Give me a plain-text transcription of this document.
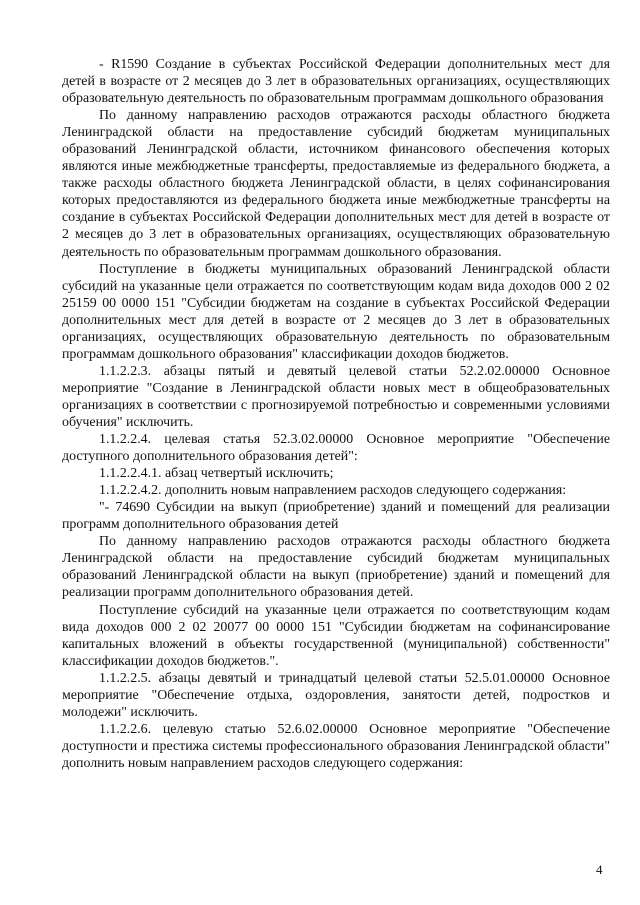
- R1590 Создание в субъектах Российской Федерации дополнительных мест для детей в возрасте от 2 месяцев до 3 лет в образовательных организациях, осуществляющих образовательную деятельность по образовательным программам дошкольного образования

По данному направлению расходов отражаются расходы областного бюджета Ленинградской области на предоставление субсидий бюджетам муниципальных образований Ленинградской области, источником финансового обеспечения которых являются иные межбюджетные трансферты, предоставляемые из федерального бюджета, а также расходы областного бюджета Ленинградской области, в целях софинансирования которых предоставляются из федерального бюджета иные межбюджетные трансферты на создание в субъектах Российской Федерации дополнительных мест для детей в возрасте от 2 месяцев до 3 лет в образовательных организациях, осуществляющих образовательную деятельность по образовательным программам дошкольного образования.

Поступление в бюджеты муниципальных образований Ленинградской области субсидий на указанные цели отражается по соответствующим кодам вида доходов 000 2 02 25159 00 0000 151 "Субсидии бюджетам на создание в субъектах Российской Федерации дополнительных мест для детей в возрасте от 2 месяцев до 3 лет в образовательных организациях, осуществляющих образовательную деятельность по образовательным программам дошкольного образования" классификации доходов бюджетов.

1.1.2.2.3. абзацы пятый и девятый целевой статьи 52.2.02.00000 Основное мероприятие "Создание в Ленинградской области новых мест в общеобразовательных организациях в соответствии с прогнозируемой потребностью и современными условиями обучения" исключить.

1.1.2.2.4. целевая статья 52.3.02.00000 Основное мероприятие "Обеспечение доступного дополнительного образования детей":

1.1.2.2.4.1. абзац четвертый исключить;

1.1.2.2.4.2. дополнить новым направлением расходов следующего содержания:

"- 74690 Субсидии на выкуп (приобретение) зданий и помещений для реализации программ дополнительного образования детей

По данному направлению расходов отражаются расходы областного бюджета Ленинградской области на предоставление субсидий бюджетам муниципальных образований Ленинградской области на выкуп (приобретение) зданий и помещений для реализации программ дополнительного образования детей.

Поступление субсидий на указанные цели отражается по соответствующим кодам вида доходов 000 2 02 20077 00 0000 151 "Субсидии бюджетам на софинансирование капитальных вложений в объекты государственной (муниципальной) собственности" классификации доходов бюджетов.".

1.1.2.2.5. абзацы девятый и тринадцатый целевой статьи 52.5.01.00000 Основное мероприятие "Обеспечение отдыха, оздоровления, занятости детей, подростков и молодежи" исключить.

1.1.2.2.6. целевую статью 52.6.02.00000 Основное мероприятие "Обеспечение доступности и престижа системы профессионального образования Ленинградской области" дополнить новым направлением расходов следующего содержания:

4
